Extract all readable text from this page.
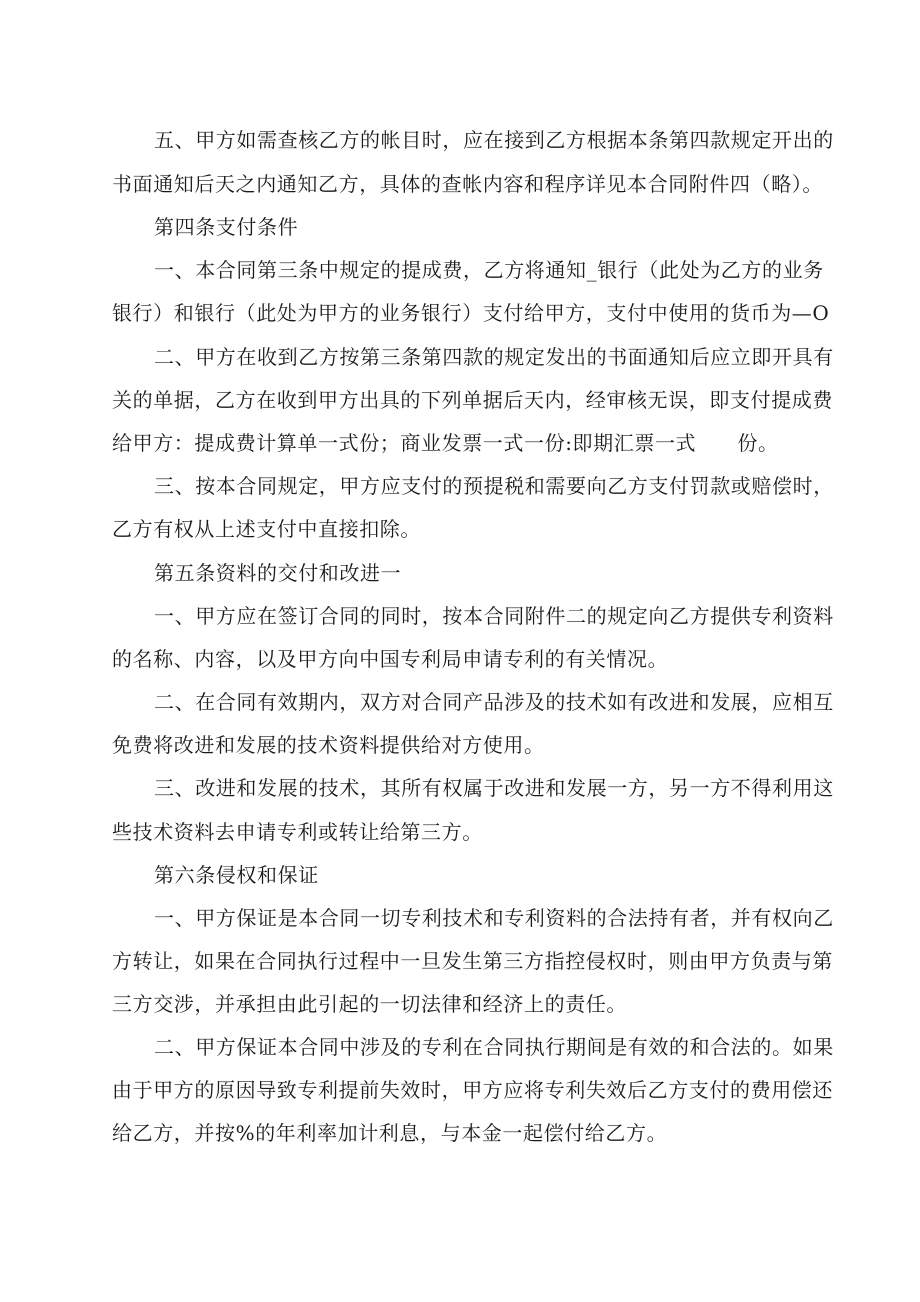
五、甲方如需查核乙方的帐目时，应在接到乙方根据本条第四款规定开出的
书面通知后天之内通知乙方，具体的查帐内容和程序详见本合同附件四（略）。
第四条支付条件
一、本合同第三条中规定的提成费，乙方将通知_银行（此处为乙方的业务
银行）和银行（此处为甲方的业务银行）支付给甲方，支付中使用的货币为—O
二、甲方在收到乙方按第三条第四款的规定发出的书面通知后应立即开具有
关的单据，乙方在收到甲方出具的下列单据后天内，经审核无误，即支付提成费
给甲方：提成费计算单一式份；商业发票一式一份:即期汇票一式　　份。
三、按本合同规定，甲方应支付的预提税和需要向乙方支付罚款或赔偿时，
乙方有权从上述支付中直接扣除。
第五条资料的交付和改进一
一、甲方应在签订合同的同时，按本合同附件二的规定向乙方提供专利资料
的名称、内容，以及甲方向中国专利局申请专利的有关情况。
二、在合同有效期内，双方对合同产品涉及的技术如有改进和发展，应相互
免费将改进和发展的技术资料提供给对方使用。
三、改进和发展的技术，其所有权属于改进和发展一方，另一方不得利用这
些技术资料去申请专利或转让给第三方。
第六条侵权和保证
一、甲方保证是本合同一切专利技术和专利资料的合法持有者，并有权向乙
方转让，如果在合同执行过程中一旦发生第三方指控侵权时，则由甲方负责与第
三方交涉，并承担由此引起的一切法律和经济上的责任。
二、甲方保证本合同中涉及的专利在合同执行期间是有效的和合法的。如果
由于甲方的原因导致专利提前失效时，甲方应将专利失效后乙方支付的费用偿还
给乙方，并按%的年利率加计利息，与本金一起偿付给乙方。
